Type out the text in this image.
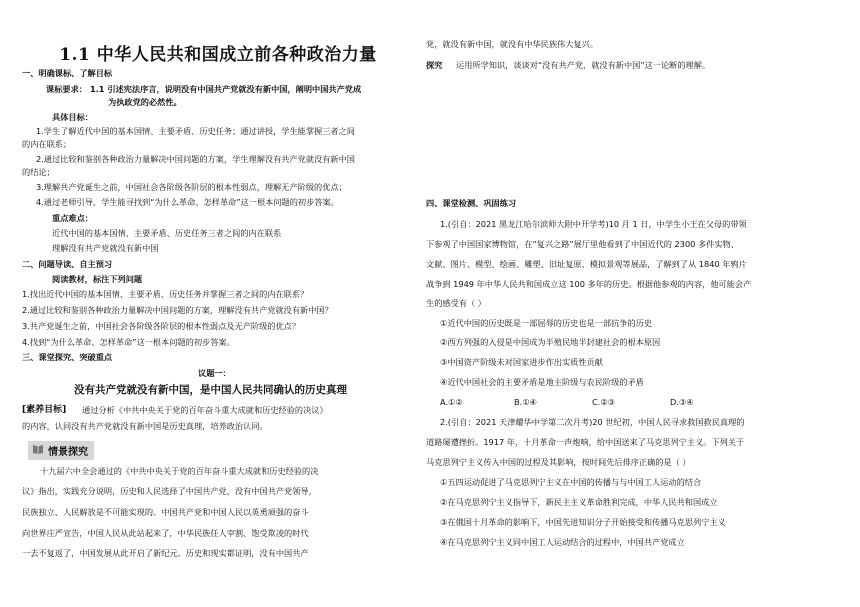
1.1 中华人民共和国成立前各种政治力量
一、明确课标、了解目标
课标要求： 1.1 引述宪法序言，说明没有中国共产党就没有新中国，阐明中国共产党成
为执政党的必然性。
具体目标：
1.学生了解近代中国的基本国情、主要矛盾、历史任务；通过讲授，学生能掌握三者之间
的内在联系；
2.通过比较和鉴别各种政治力量解决中国问题的方案，学生理解没有共产党就没有新中国
的结论；
3.理解共产党诞生之前，中国社会各阶级各阶层的根本性弱点，理解无产阶级的优点；
4.通过老师引导，学生能寻找到“为什么革命、怎样革命”这一根本问题的初步答案。
重点难点：
近代中国的基本国情、主要矛盾、历史任务三者之间的内在联系
理解没有共产党就没有新中国
二、问题导读、自主预习
阅读教材，标注下列问题
1.找出近代中国的基本国情、主要矛盾、历史任务并掌握三者之间的内在联系？
2.通过比较和鉴别各种政治力量解决中国问题的方案，理解没有共产党就没有新中国？
3.共产党诞生之前，中国社会各阶级各阶层的根本性弱点及无产阶级的优点？
4.找到“为什么革命、怎样革命”这一根本问题的初步答案。
三、课堂探究、突破重点
议题一：
没有共产党就没有新中国，是中国人民共同确认的历史真理
[素养目标] 通过分析《中共中央关于党的百年奋斗重大成就和历史经验的决议》
的内容，认同没有共产党就没有新中国是历史真理，培养政治认同。
情景探究
十九届六中全会通过的《中共中央关于党的百年奋斗重大成就和历史经验的决
议》指出，实践充分说明，历史和人民选择了中国共产党，没有中国共产党领导，
民族独立、人民解放是不可能实现的。中国共产党和中国人民以英勇顽强的奋斗
向世界庄严宣告，中国人民从此站起来了，中华民族任人宰割、饱受欺凌的时代
一去不复返了，中国发展从此开启了新纪元。历史和现实都证明，没有中国共产
党，就没有新中国，就没有中华民族伟大复兴。
探究 运用所学知识，谈谈对“没有共产党，就没有新中国”这一论断的理解。
四、课堂检测、巩固练习
1.(引自：2021 黑龙江哈尔滨师大附中开学考)10 月 1 日，中学生小王在父母的带领
下参观了中国国家博物馆，在“复兴之路”展厅里他看到了中国近代的 2300 多件实物、
文献、图片、模型、绘画、雕塑、旧址复原、模拟景观等展品，了解到了从 1840 年鸦片
战争到 1949 年中华人民共和国成立这 100 多年的历史。根据他参观的内容，他可能会产
生的感受有（ ）
①近代中国的历史既是一部屈辱的历史也是一部抗争的历史
②西方列强的入侵是中国成为半殖民地半封建社会的根本原因
③中国资产阶级未对国家进步作出实质性贡献
④近代中国社会的主要矛盾是地主阶级与农民阶级的矛盾
A.①②	B.①④	C.②③	D.③④
2.(引自：2021 天津耀华中学第二次月考)20 世纪初，中国人民寻求救国救民真理的
道路屡遭挫折。1917 年，十月革命一声炮响，给中国送来了马克思列宁主义。下列关于
马克思列宁主义传入中国的过程及其影响，按时间先后排序正确的是（ ）
①五四运动促进了马克思列宁主义在中国的传播与与中国工人运动的结合
②在马克思列宁主义指导下，新民主主义革命胜利完成，中华人民共和国成立
③在俄国十月革命的影响下，中国先进知识分子开始接受和传播马克思列宁主义
④在马克思列宁主义同中国工人运动结合的过程中，中国共产党成立
